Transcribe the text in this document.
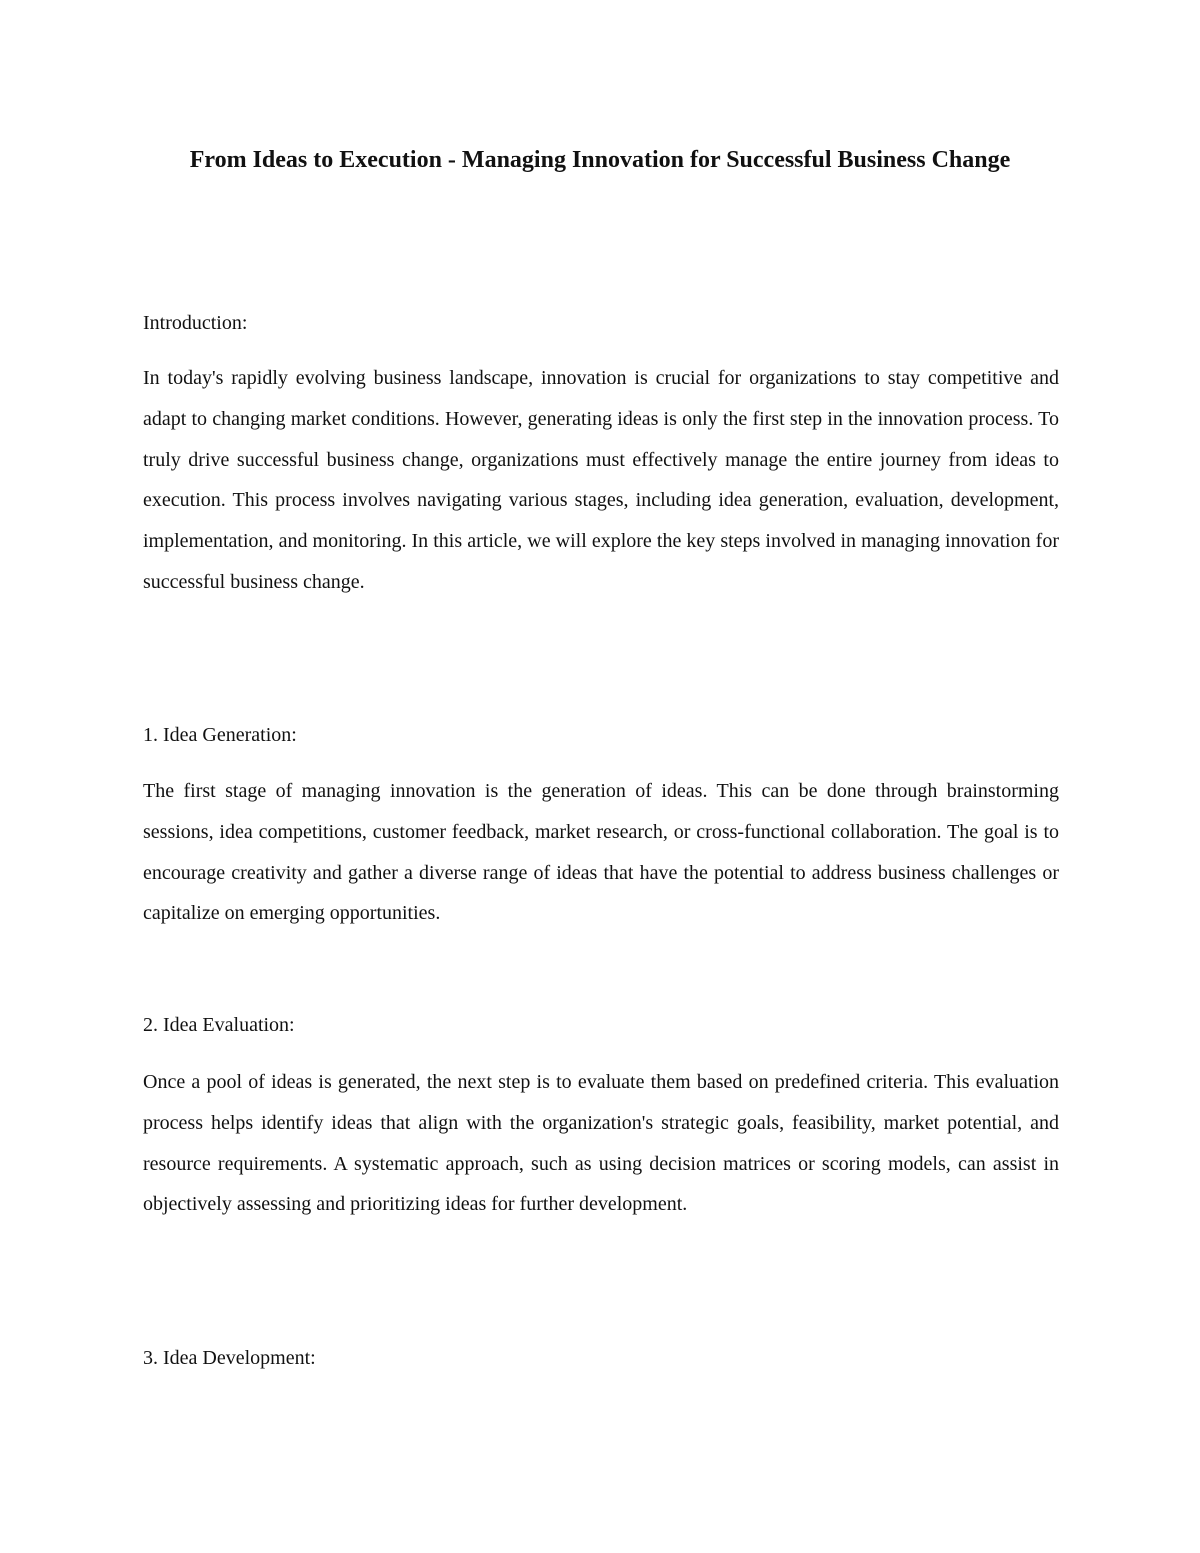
From Ideas to Execution - Managing Innovation for Successful Business Change

Introduction:

In today's rapidly evolving business landscape, innovation is crucial for organizations to stay competitive and adapt to changing market conditions. However, generating ideas is only the first step in the innovation process. To truly drive successful business change, organizations must effectively manage the entire journey from ideas to execution. This process involves navigating various stages, including idea generation, evaluation, development, implementation, and monitoring. In this article, we will explore the key steps involved in managing innovation for successful business change.

1. Idea Generation:

The first stage of managing innovation is the generation of ideas. This can be done through brainstorming sessions, idea competitions, customer feedback, market research, or cross-functional collaboration. The goal is to encourage creativity and gather a diverse range of ideas that have the potential to address business challenges or capitalize on emerging opportunities.

2. Idea Evaluation:

Once a pool of ideas is generated, the next step is to evaluate them based on predefined criteria. This evaluation process helps identify ideas that align with the organization's strategic goals, feasibility, market potential, and resource requirements. A systematic approach, such as using decision matrices or scoring models, can assist in objectively assessing and prioritizing ideas for further development.

3. Idea Development:
